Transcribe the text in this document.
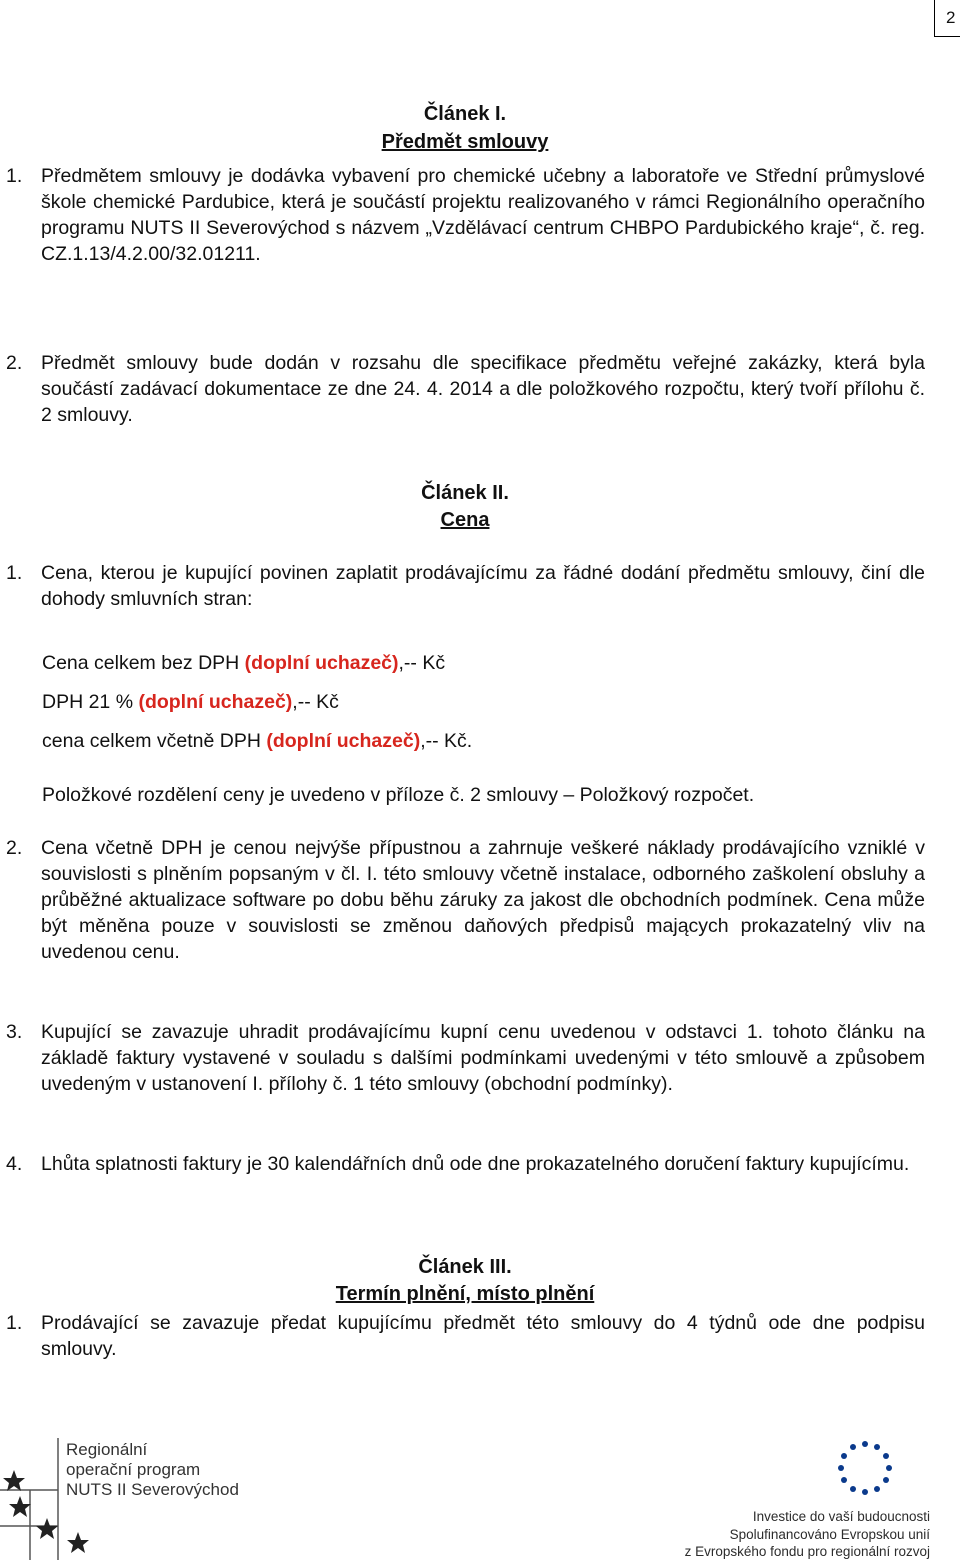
2
Článek I.
Předmět smlouvy
1. Předmětem smlouvy je dodávka vybavení pro chemické učebny a laboratoře ve Střední průmyslové škole chemické Pardubice, která je součástí projektu realizovaného v rámci Regionálního operačního programu NUTS II Severovýchod s názvem „Vzdělávací centrum CHBPO Pardubického kraje“, č. reg. CZ.1.13/4.2.00/32.01211.
2. Předmět smlouvy bude dodán v rozsahu dle specifikace předmětu veřejné zakázky, která byla součástí zadávací dokumentace ze dne 24. 4. 2014 a dle položkového rozpočtu, který tvoří přílohu č. 2 smlouvy.
Článek II.
Cena
1. Cena, kterou je kupující povinen zaplatit prodávajícímu za řádné dodání předmětu smlouvy, činí dle dohody smluvních stran:
Cena celkem bez DPH (doplní uchazeč),-- Kč
DPH 21 % (doplní uchazeč),-- Kč
cena celkem včetně DPH (doplní uchazeč),-- Kč.
Položkové rozdělení ceny je uvedeno v příloze č. 2 smlouvy – Položkový rozpočet.
2. Cena včetně DPH je cenou nejvýše přípustnou a zahrnuje veškeré náklady prodávajícího vzniklé v souvislosti s plněním popsaným v čl. I. této smlouvy včetně instalace, odborného zaškolení obsluhy a průběžné aktualizace software po dobu běhu záruky za jakost dle obchodních podmínek. Cena může být měněna pouze v souvislosti se změnou daňových předpisů mających prokazatelný vliv na uvedenou cenu.
3. Kupující se zavazuje uhradit prodávajícímu kupní cenu uvedenou v odstavci 1. tohoto článku na základě faktury vystavené v souladu s dalšími podmínkami uvedenými v této smlouvě a způsobem uvedeným v ustanovení I. přílohy č. 1 této smlouvy (obchodní podmínky).
4. Lhůta splatnosti faktury je 30 kalendářních dnů ode dne prokazatelného doručení faktury kupujícímu.
Článek III.
Termín plnění, místo plnění
1. Prodávající se zavazuje předat kupujícímu předmět této smlouvy do 4 týdnů ode dne podpisu smlouvy.
Regionální
operační program
NUTS II Severovýchod
Investice do vaší budoucnosti
Spolufinancováno Evropskou unií
z Evropského fondu pro regionální rozvoj
